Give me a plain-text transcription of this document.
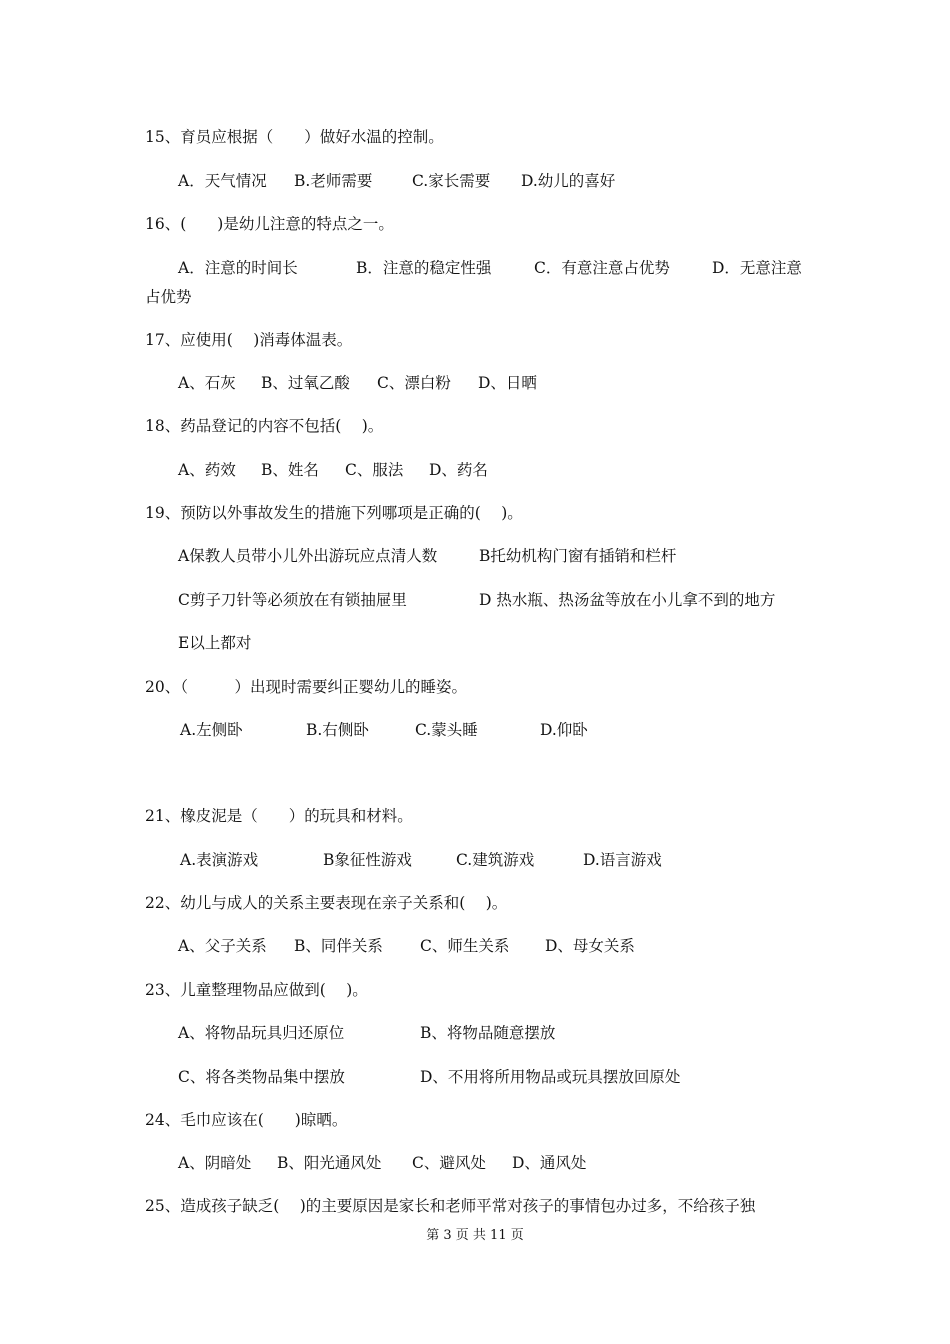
15、育员应根据（　　）做好水温的控制。
A．天气情况 B.老师需要	C.家长需要 D.幼儿的喜好
16、(　　)是幼儿注意的特点之一。
A．注意的时间长	B．注意的稳定性强	C．有意注意占优势	D．无意注意
占优势
17、应使用(　 )消毒体温表。
A、石灰 B、过氧乙酸 C、漂白粉 D、日晒
18、药品登记的内容不包括(　 )。
A、药效 B、姓名 C、服法 D、药名
19、预防以外事故发生的措施下列哪项是正确的(　 )。
A保教人员带小儿外出游玩应点清人数	B托幼机构门窗有插销和栏杆
C剪子刀针等必须放在有锁抽屉里	D 热水瓶、热汤盆等放在小儿拿不到的地方
E以上都对
20、（　　　）出现时需要纠正婴幼儿的睡姿。
A.左侧卧	B.右侧卧	C.蒙头睡	D.仰卧
21、橡皮泥是（　　）的玩具和材料。
A.表演游戏	B象征性游戏	C.建筑游戏	D.语言游戏
22、幼儿与成人的关系主要表现在亲子关系和(　 )。
A、父子关系 B、同伴关系 C、师生关系 D、母女关系
23、儿童整理物品应做到(　 )。
A、将物品玩具归还原位	B、将物品随意摆放
C、将各类物品集中摆放	D、不用将所用物品或玩具摆放回原处
24、毛巾应该在(　　)晾晒。
A、阴暗处 B、阳光通风处 C、避风处 D、通风处
25、造成孩子缺乏(　 )的主要原因是家长和老师平常对孩子的事情包办过多，不给孩子独
第 3 页 共 11 页
